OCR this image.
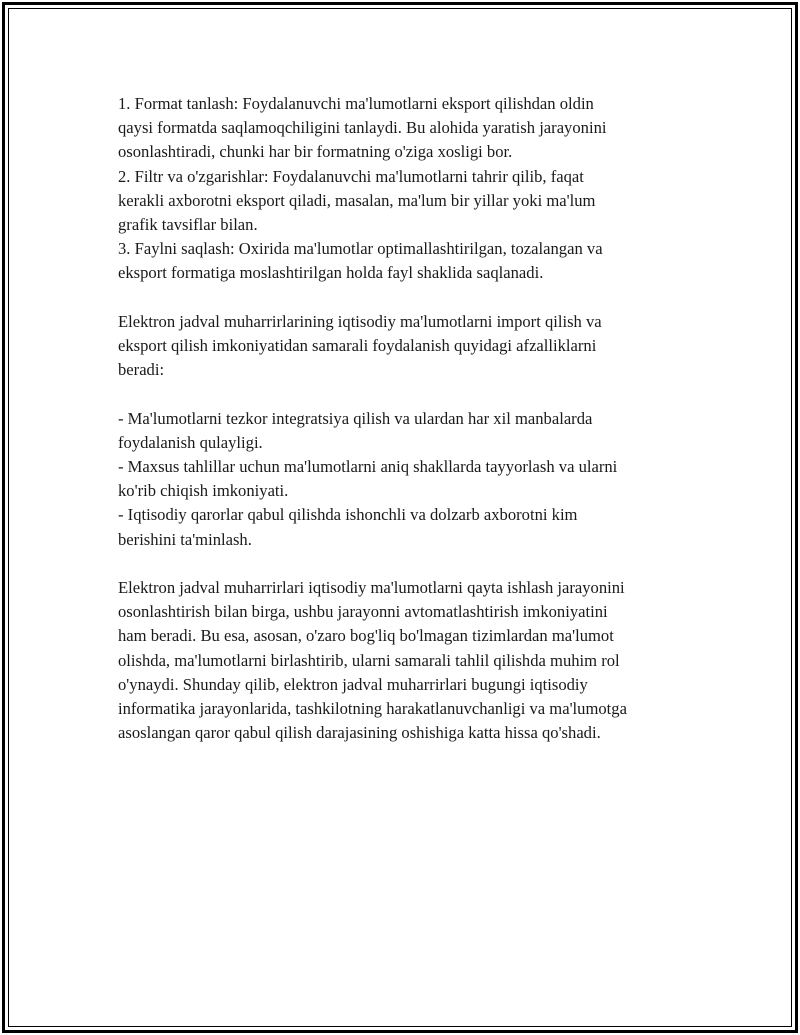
1. Format tanlash: Foydalanuvchi ma'lumotlarni eksport qilishdan oldin
qaysi formatda saqlamoqchiligini tanlaydi. Bu alohida yaratish jarayonini
osonlashtiradi, chunki har bir formatning o'ziga xosligi bor.
2. Filtr va o'zgarishlar: Foydalanuvchi ma'lumotlarni tahrir qilib, faqat
kerakli axborotni eksport qiladi, masalan, ma'lum bir yillar yoki ma'lum
grafik tavsiflar bilan.
3. Faylni saqlash: Oxirida ma'lumotlar optimallashtirilgan, tozalangan va
eksport formatiga moslashtirilgan holda fayl shaklida saqlanadi.
Elektron jadval muharrirlarining iqtisodiy ma'lumotlarni import qilish va
eksport qilish imkoniyatidan samarali foydalanish quyidagi afzalliklarni
beradi:
- Ma'lumotlarni tezkor integratsiya qilish va ulardan har xil manbalarda
foydalanish qulayligi.
- Maxsus tahlillar uchun ma'lumotlarni aniq shakllarda tayyorlash va ularni
ko'rib chiqish imkoniyati.
- Iqtisodiy qarorlar qabul qilishda ishonchli va dolzarb axborotni kim
berishini ta'minlash.
Elektron jadval muharrirlari iqtisodiy ma'lumotlarni qayta ishlash jarayonini
osonlashtirish bilan birga, ushbu jarayonni avtomatlashtirish imkoniyatini
ham beradi. Bu esa, asosan, o'zaro bog'liq bo'lmagan tizimlardan ma'lumot
olishda, ma'lumotlarni birlashtirib, ularni samarali tahlil qilishda muhim rol
o'ynaydi. Shunday qilib, elektron jadval muharrirlari bugungi iqtisodiy
informatika jarayonlarida, tashkilotning harakatlanuvchanligi va ma'lumotga
asoslangan qaror qabul qilish darajasining oshishiga katta hissa qo'shadi.
